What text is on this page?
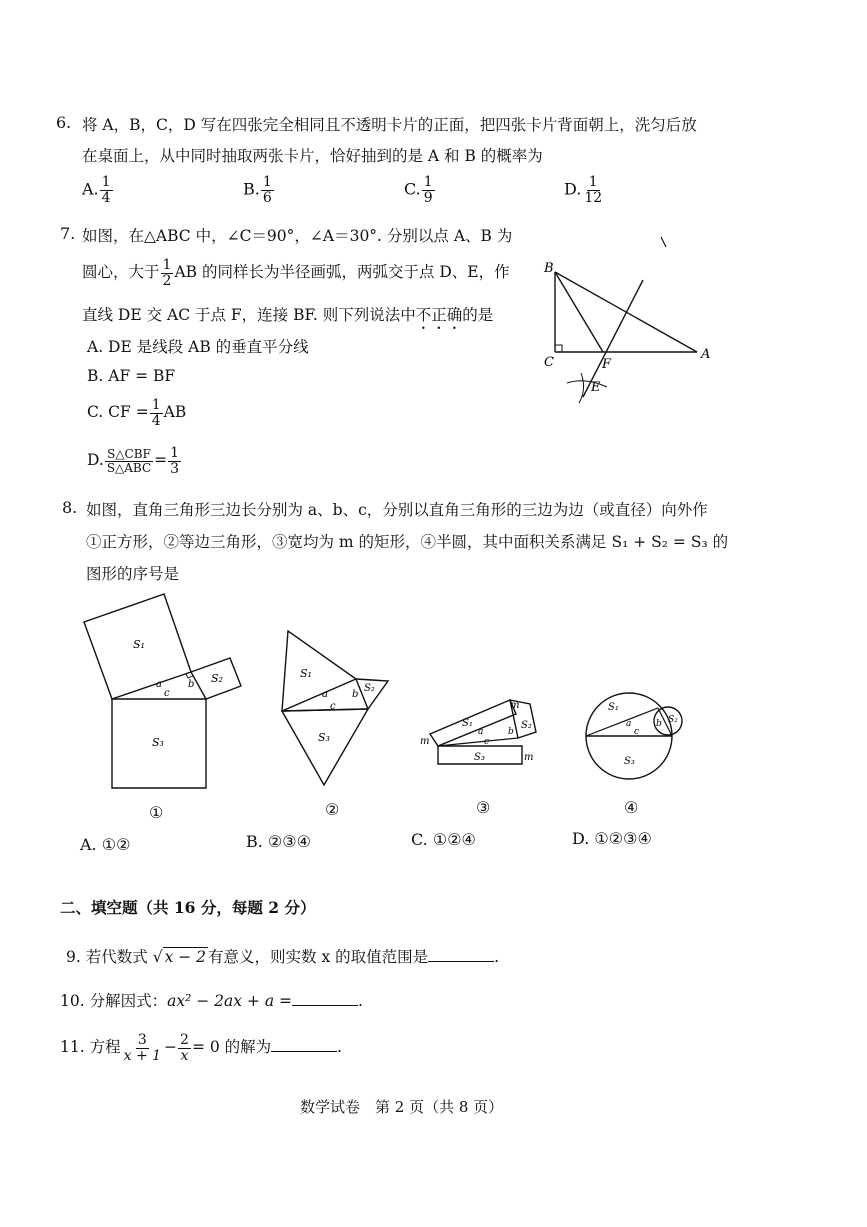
6. 将 A，B，C，D 写在四张完全相同且不透明卡片的正面，把四张卡片背面朝上，洗匀后放
在桌面上，从中同时抽取两张卡片，恰好抽到的是 A 和 B 的概率为
A. $\frac{1}{4}$	B. $\frac{1}{6}$	C. $\frac{1}{9}$	D. $\frac{1}{12}$
7. 如图，在△ABC 中，∠C＝90°，∠A＝30°. 分别以点 A、B 为
圆心，大于 $\frac{1}{2}$ AB 的同样长为半径画弧，两弧交于点 D、E，作
直线 DE 交 AC 于点 F，连接 BF. 则下列说法中不正确的是
A. DE 是线段 AB 的垂直平分线
B. AF = BF
C. CF = $\frac{1}{4}$ AB
D. $\frac{\text{S△CBF}}{\text{S△ABC}} = \frac{1}{3}$
B
C	F
A
E
8. 如图，直角三角形三边长分别为 a、b、c，分别以直角三角形的三边为边（或直径）向外作
①正方形，②等边三角形，③宽均为 m 的矩形，④半圆，其中面积关系满足 S₁ + S₂ = S₃ 的
图形的序号是
S₁
S₂
S₃
a	b
c
S₁
S₂
S₃
a b
c
S₁	S₂
S₃
a	b
c
m
m
m
S₁
S₂
S₃
a	b
c
①	②	③	④
A. ①②	B. ②③④	C. ①②④	D. ①②③④
二、填空题（共 16 分，每题 2 分）
9. 若代数式 √ x − 2 有意义，则实数 x 的取值范围是	.
10. 分解因式：ax² − 2ax + a =	.
11. 方程 $\frac{3}{x + 1} - \frac{2}{x} = 0$ 的解为	.
数学试卷　第 2 页（共 8 页）
